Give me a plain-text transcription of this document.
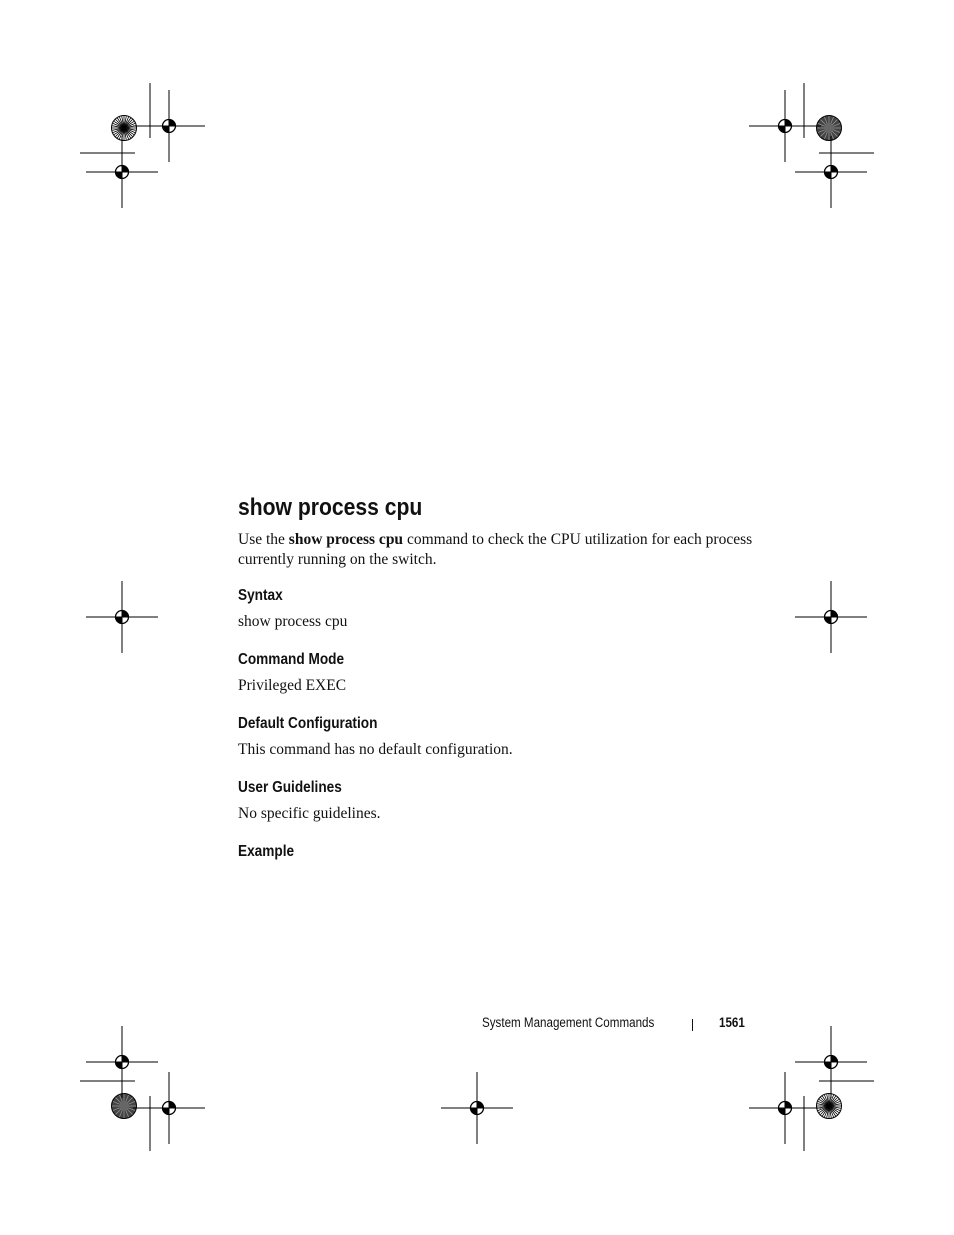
show process cpu

Use the show process cpu command to check the CPU utilization for each process currently running on the switch.

Syntax

show process cpu

Command Mode

Privileged EXEC

Default Configuration

This command has no default configuration.

User Guidelines

No specific guidelines.

Example
System Management Commands	1561
